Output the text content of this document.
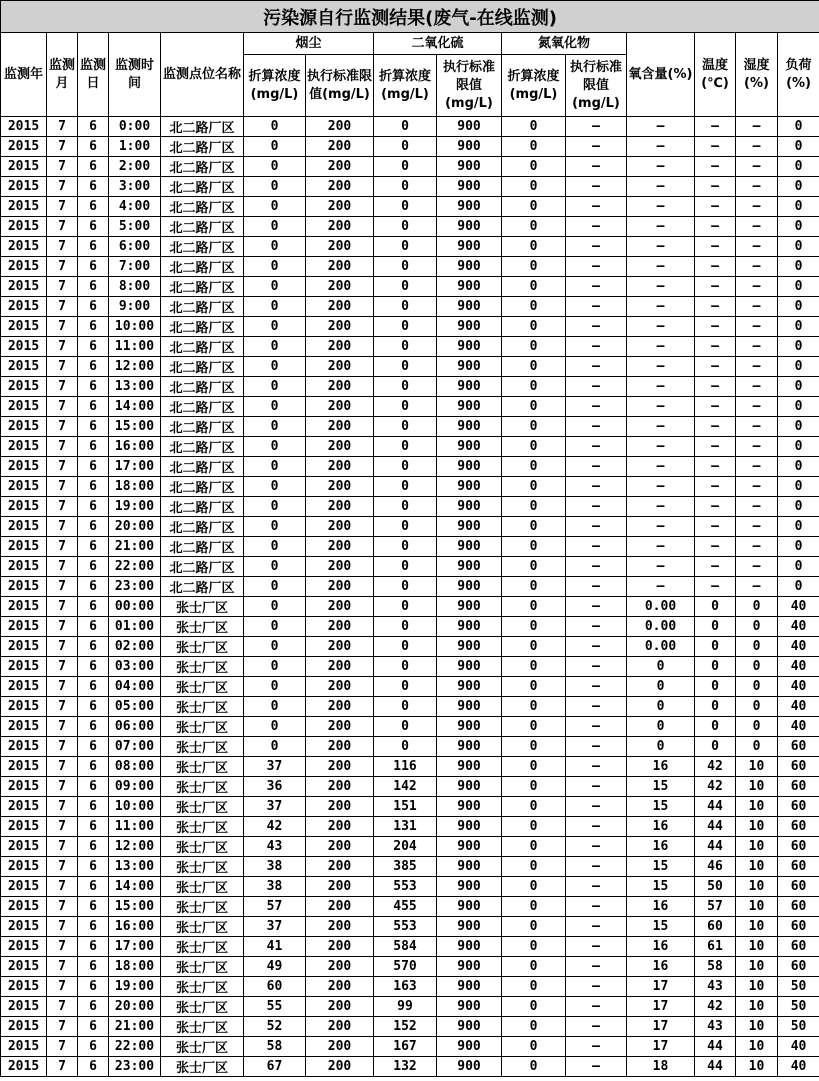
污染源自行监测结果(废气-在线监测)														
监测年	监测月	监测日	监测时间	监测点位名称	烟尘		二氧化硫		氮氧化物		氧含量(%)	温度(℃)	湿度(%)	负荷(%)
					折算浓度(mg/L)	执行标准限值(mg/L)	折算浓度(mg/L)	执行标准限值(mg/L)	折算浓度(mg/L)	执行标准限值(mg/L)				
2015	7	6	0:00	北二路厂区	0	200	0	900	0	–	–	–	–	0
2015	7	6	1:00	北二路厂区	0	200	0	900	0	–	–	–	–	0
2015	7	6	2:00	北二路厂区	0	200	0	900	0	–	–	–	–	0
2015	7	6	3:00	北二路厂区	0	200	0	900	0	–	–	–	–	0
2015	7	6	4:00	北二路厂区	0	200	0	900	0	–	–	–	–	0
2015	7	6	5:00	北二路厂区	0	200	0	900	0	–	–	–	–	0
2015	7	6	6:00	北二路厂区	0	200	0	900	0	–	–	–	–	0
2015	7	6	7:00	北二路厂区	0	200	0	900	0	–	–	–	–	0
2015	7	6	8:00	北二路厂区	0	200	0	900	0	–	–	–	–	0
2015	7	6	9:00	北二路厂区	0	200	0	900	0	–	–	–	–	0
2015	7	6	10:00	北二路厂区	0	200	0	900	0	–	–	–	–	0
2015	7	6	11:00	北二路厂区	0	200	0	900	0	–	–	–	–	0
2015	7	6	12:00	北二路厂区	0	200	0	900	0	–	–	–	–	0
2015	7	6	13:00	北二路厂区	0	200	0	900	0	–	–	–	–	0
2015	7	6	14:00	北二路厂区	0	200	0	900	0	–	–	–	–	0
2015	7	6	15:00	北二路厂区	0	200	0	900	0	–	–	–	–	0
2015	7	6	16:00	北二路厂区	0	200	0	900	0	–	–	–	–	0
2015	7	6	17:00	北二路厂区	0	200	0	900	0	–	–	–	–	0
2015	7	6	18:00	北二路厂区	0	200	0	900	0	–	–	–	–	0
2015	7	6	19:00	北二路厂区	0	200	0	900	0	–	–	–	–	0
2015	7	6	20:00	北二路厂区	0	200	0	900	0	–	–	–	–	0
2015	7	6	21:00	北二路厂区	0	200	0	900	0	–	–	–	–	0
2015	7	6	22:00	北二路厂区	0	200	0	900	0	–	–	–	–	0
2015	7	6	23:00	北二路厂区	0	200	0	900	0	–	–	–	–	0
2015	7	6	00:00	张士厂区	0	200	0	900	0	–	0.00	0	0	40
2015	7	6	01:00	张士厂区	0	200	0	900	0	–	0.00	0	0	40
2015	7	6	02:00	张士厂区	0	200	0	900	0	–	0.00	0	0	40
2015	7	6	03:00	张士厂区	0	200	0	900	0	–	0	0	0	40
2015	7	6	04:00	张士厂区	0	200	0	900	0	–	0	0	0	40
2015	7	6	05:00	张士厂区	0	200	0	900	0	–	0	0	0	40
2015	7	6	06:00	张士厂区	0	200	0	900	0	–	0	0	0	40
2015	7	6	07:00	张士厂区	0	200	0	900	0	–	0	0	0	60
2015	7	6	08:00	张士厂区	37	200	116	900	0	–	16	42	10	60
2015	7	6	09:00	张士厂区	36	200	142	900	0	–	15	42	10	60
2015	7	6	10:00	张士厂区	37	200	151	900	0	–	15	44	10	60
2015	7	6	11:00	张士厂区	42	200	131	900	0	–	16	44	10	60
2015	7	6	12:00	张士厂区	43	200	204	900	0	–	16	44	10	60
2015	7	6	13:00	张士厂区	38	200	385	900	0	–	15	46	10	60
2015	7	6	14:00	张士厂区	38	200	553	900	0	–	15	50	10	60
2015	7	6	15:00	张士厂区	57	200	455	900	0	–	16	57	10	60
2015	7	6	16:00	张士厂区	37	200	553	900	0	–	15	60	10	60
2015	7	6	17:00	张士厂区	41	200	584	900	0	–	16	61	10	60
2015	7	6	18:00	张士厂区	49	200	570	900	0	–	16	58	10	60
2015	7	6	19:00	张士厂区	60	200	163	900	0	–	17	43	10	50
2015	7	6	20:00	张士厂区	55	200	99	900	0	–	17	42	10	50
2015	7	6	21:00	张士厂区	52	200	152	900	0	–	17	43	10	50
2015	7	6	22:00	张士厂区	58	200	167	900	0	–	17	44	10	40
2015	7	6	23:00	张士厂区	67	200	132	900	0	–	18	44	10	40
